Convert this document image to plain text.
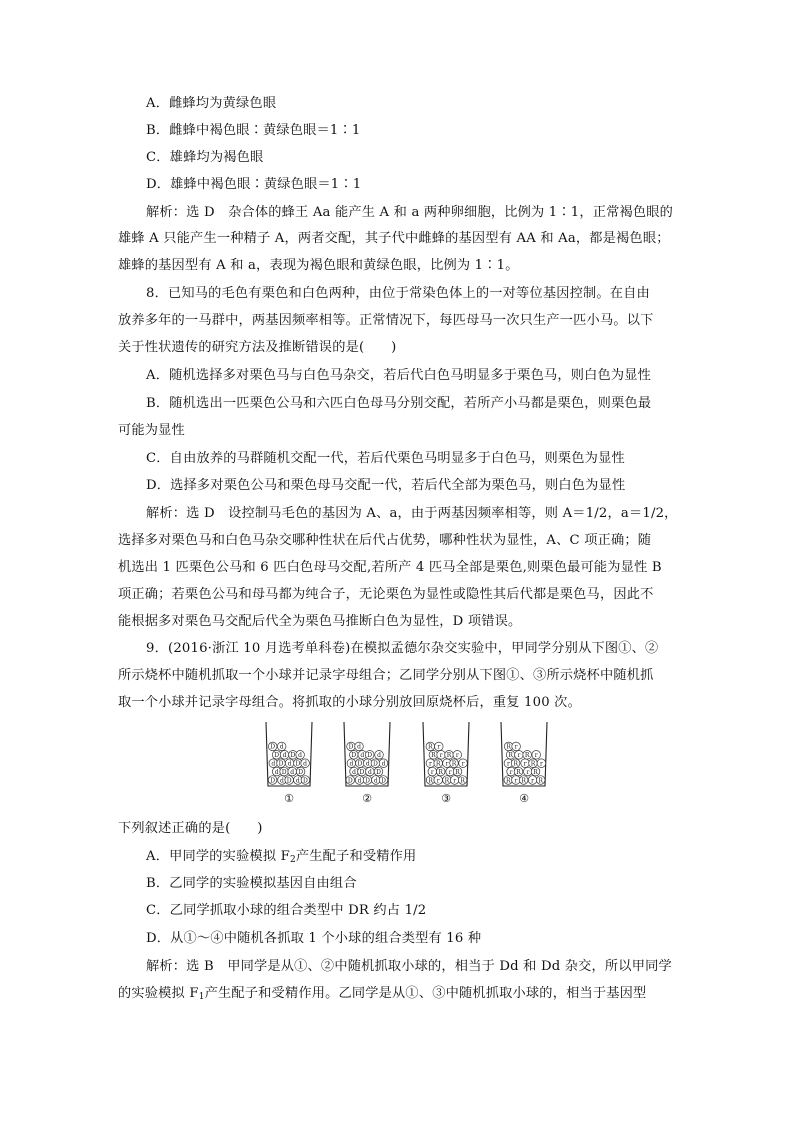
A．雌蜂均为黄绿色眼
B．雌蜂中褐色眼∶黄绿色眼＝1∶1
C．雄蜂均为褐色眼
D．雄蜂中褐色眼∶黄绿色眼＝1∶1
解析：选 D　杂合体的蜂王 Aa 能产生 A 和 a 两种卵细胞，比例为 1∶1，正常褐色眼的
雄蜂 A 只能产生一种精子 A，两者交配，其子代中雌蜂的基因型有 AA 和 Aa，都是褐色眼；
雄蜂的基因型有 A 和 a，表现为褐色眼和黄绿色眼，比例为 1∶1。
8．已知马的毛色有栗色和白色两种，由位于常染色体上的一对等位基因控制。在自由
放养多年的一马群中，两基因频率相等。正常情况下，每匹母马一次只生产一匹小马。以下
关于性状遗传的研究方法及推断错误的是(　　)
A．随机选择多对栗色马与白色马杂交，若后代白色马明显多于栗色马，则白色为显性
B．随机选出一匹栗色公马和六匹白色母马分别交配，若所产小马都是栗色，则栗色最
可能为显性
C．自由放养的马群随机交配一代，若后代栗色马明显多于白色马，则栗色为显性
D．选择多对栗色公马和栗色母马交配一代，若后代全部为栗色马，则白色为显性
解析：选 D　设控制马毛色的基因为 A、a，由于两基因频率相等，则 A＝1/2，a＝1/2，
选择多对栗色马和白色马杂交哪种性状在后代占优势，哪种性状为显性，A、C 项正确；随
机选出 1 匹栗色公马和 6 匹白色母马交配,若所产 4 匹马全部是栗色,则栗色最可能为显性 B
项正确；若栗色公马和母马都为纯合子，无论栗色为显性或隐性其后代都是栗色马，因此不
能根据多对栗色马交配后代全为栗色马推断白色为显性，D 项错误。
9．(2016·浙江 10 月选考单科卷)在模拟孟德尔杂交实验中，甲同学分别从下图①、②
所示烧杯中随机抓取一个小球并记录字母组合；乙同学分别从下图①、③所示烧杯中随机抓
取一个小球并记录字母组合。将抓取的小球分别放回原烧杯后，重复 100 次。
D d D d D
d D d D
d D d D d
D d D d
D d
①
D d D d D
d D d D
d D d D d
D d D d
D d
②
R r R r R
r R r R
r R r R r
R r R r
R r
③
R r R r R
r R r R
r R r R r
R r R r
R r
④
下列叙述正确的是(　　)
A．甲同学的实验模拟 $F_2$产生配子和受精作用
B．乙同学的实验模拟基因自由组合
C．乙同学抓取小球的组合类型中 DR 约占 1/2
D．从①～④中随机各抓取 1 个小球的组合类型有 16 种
解析：选 B　甲同学是从①、②中随机抓取小球的，相当于 Dd 和 Dd 杂交，所以甲同学
的实验模拟 $F_1$产生配子和受精作用。乙同学是从①、③中随机抓取小球的，相当于基因型
